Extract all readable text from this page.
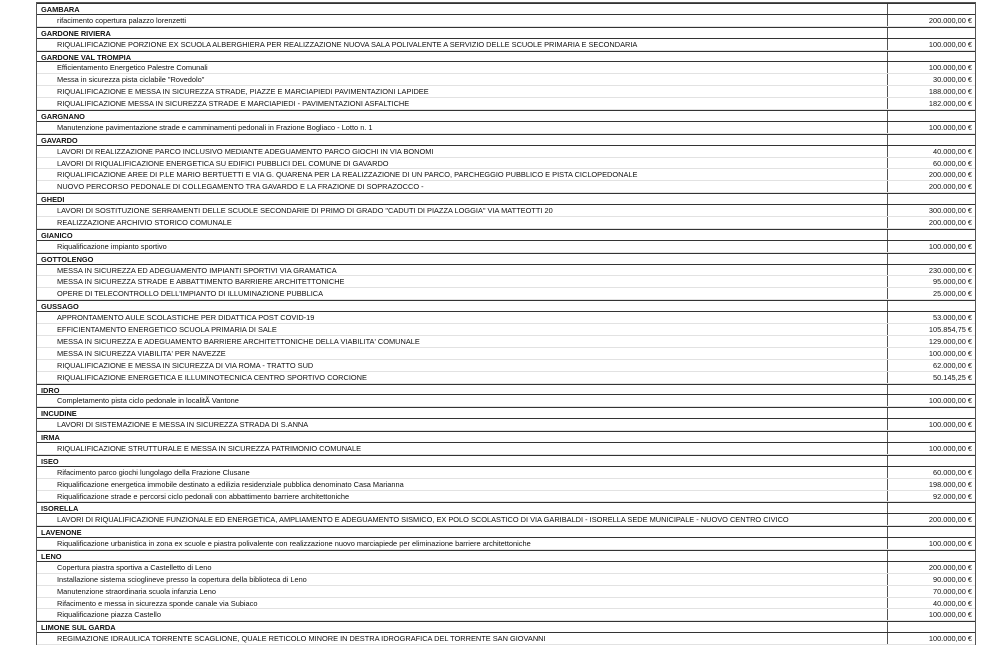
GAMBARA
rifacimento copertura palazzo lorenzetti	200.000,00 €
GARDONE RIVIERA
RIQUALIFICAZIONE PORZIONE EX SCUOLA ALBERGHIERA PER REALIZZAZIONE NUOVA SALA POLIVALENTE A SERVIZIO DELLE SCUOLE PRIMARIA E SECONDARIA	100.000,00 €
GARDONE VAL TROMPIA
Efficientamento Energetico Palestre Comunali	100.000,00 €
Messa in sicurezza pista ciclabile "Rovedolo"	30.000,00 €
RIQUALIFICAZIONE E MESSA IN SICUREZZA STRADE, PIAZZE E MARCIAPIEDI PAVIMENTAZIONI LAPIDEE	188.000,00 €
RIQUALIFICAZIONE MESSA IN SICUREZZA STRADE E MARCIAPIEDI - PAVIMENTAZIONI ASFALTICHE	182.000,00 €
GARGNANO
Manutenzione pavimentazione strade e camminamenti pedonali in Frazione Bogliaco - Lotto n. 1	100.000,00 €
GAVARDO
LAVORI DI REALIZZAZIONE PARCO INCLUSIVO MEDIANTE ADEGUAMENTO PARCO GIOCHI IN VIA BONOMI	40.000,00 €
LAVORI DI RIQUALIFICAZIONE ENERGETICA SU EDIFICI PUBBLICI DEL COMUNE DI GAVARDO	60.000,00 €
RIQUALIFICAZIONE AREE DI P.LE MARIO BERTUETTI E VIA G. QUARENA PER LA REALIZZAZIONE DI UN PARCO, PARCHEGGIO PUBBLICO E PISTA CICLOPEDONALE	200.000,00 €
NUOVO PERCORSO PEDONALE DI COLLEGAMENTO TRA GAVARDO E LA FRAZIONE DI SOPRAZOCCO -	200.000,00 €
GHEDI
LAVORI DI SOSTITUZIONE SERRAMENTI DELLE SCUOLE SECONDARIE DI PRIMO DI GRADO "CADUTI DI PIAZZA LOGGIA" VIA MATTEOTTI 20	300.000,00 €
REALIZZAZIONE ARCHIVIO STORICO COMUNALE	200.000,00 €
GIANICO
Riqualificazione impianto sportivo	100.000,00 €
GOTTOLENGO
MESSA IN SICUREZZA ED ADEGUAMENTO IMPIANTI SPORTIVI VIA GRAMATICA	230.000,00 €
MESSA IN SICUREZZA STRADE E ABBATTIMENTO BARRIERE ARCHITETTONICHE	95.000,00 €
OPERE DI TELECONTROLLO DELL'IMPIANTO DI ILLUMINAZIONE PUBBLICA	25.000,00 €
GUSSAGO
APPRONTAMENTO AULE SCOLASTICHE PER DIDATTICA POST COVID-19	53.000,00 €
EFFICIENTAMENTO ENERGETICO SCUOLA PRIMARIA DI SALE	105.854,75 €
MESSA IN SICUREZZA E ADEGUAMENTO BARRIERE ARCHITETTONICHE DELLA VIABILITA' COMUNALE	129.000,00 €
MESSA IN SICUREZZA VIABILITA' PER NAVEZZE	100.000,00 €
RIQUALIFICAZIONE E MESSA IN SICUREZZA DI VIA ROMA - TRATTO SUD	62.000,00 €
RIQUALIFICAZIONE ENERGETICA E ILLUMINOTECNICA CENTRO SPORTIVO CORCIONE	50.145,25 €
IDRO
Completamento pista ciclo pedonale in localitÃ Vantone	100.000,00 €
INCUDINE
LAVORI DI SISTEMAZIONE E MESSA IN SICUREZZA STRADA DI S.ANNA	100.000,00 €
IRMA
RIQUALIFICAZIONE STRUTTURALE E MESSA IN SICUREZZA PATRIMONIO COMUNALE	100.000,00 €
ISEO
Rifacimento parco giochi lungolago della Frazione Clusane	60.000,00 €
Riqualificazione energetica immobile destinato a edilizia residenziale pubblica denominato Casa Marianna	198.000,00 €
Riqualificazione strade e percorsi ciclo pedonali con abbattimento barriere architettoniche	92.000,00 €
ISORELLA
LAVORI DI RIQUALIFICAZIONE FUNZIONALE ED ENERGETICA, AMPLIAMENTO E ADEGUAMENTO SISMICO, EX POLO SCOLASTICO DI VIA GARIBALDI - ISORELLA SEDE MUNICIPALE - NUOVO CENTRO CIVICO	200.000,00 €
LAVENONE
Riqualificazione urbanistica in zona ex scuole e piastra polivalente con realizzazione nuovo marciapiede per eliminazione barriere architettoniche	100.000,00 €
LENO
Copertura piastra sportiva a Castelletto di Leno	200.000,00 €
Installazione sistema scioglineve presso la copertura della biblioteca di Leno	90.000,00 €
Manutenzione straordinaria scuola infanzia Leno	70.000,00 €
Rifacimento e messa in sicurezza sponde canale via Subiaco	40.000,00 €
Riqualificazione piazza Castello	100.000,00 €
LIMONE SUL GARDA
REGIMAZIONE IDRAULICA TORRENTE SCAGLIONE, QUALE RETICOLO MINORE IN DESTRA IDROGRAFICA DEL TORRENTE SAN GIOVANNI	100.000,00 €
